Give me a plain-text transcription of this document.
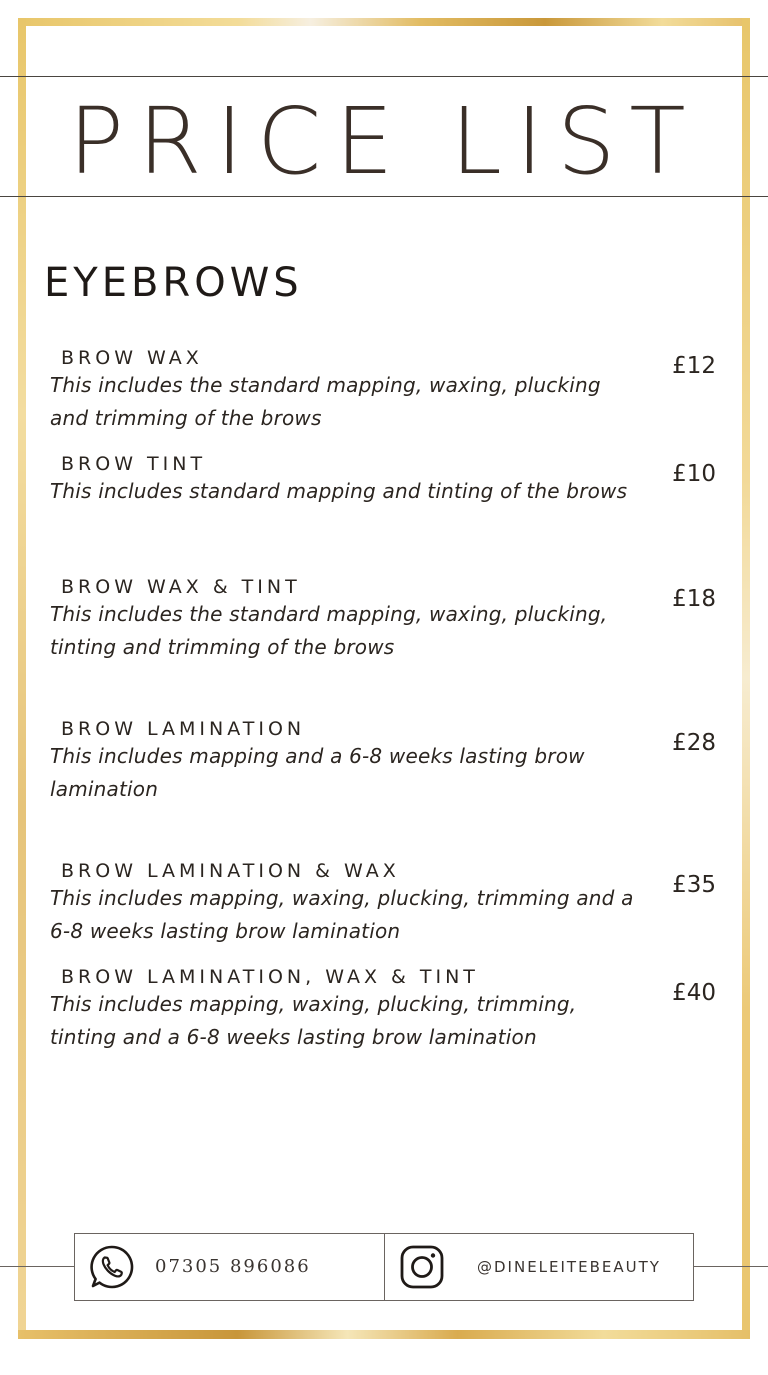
PRICE LIST
EYEBROWS
BROW WAX
This includes the standard mapping, waxing, plucking and trimming of the brows
£12
BROW TINT
This includes standard mapping and tinting of the brows
£10
BROW WAX & TINT
This includes the standard mapping, waxing, plucking, tinting and trimming of the brows
£18
BROW LAMINATION
This includes mapping and a 6-8 weeks lasting brow lamination
£28
BROW LAMINATION & WAX
This includes mapping, waxing, plucking, trimming and a 6-8 weeks lasting brow lamination
£35
BROW LAMINATION, WAX & TINT
This includes mapping, waxing, plucking, trimming, tinting and a 6-8 weeks lasting brow lamination
£40
07305 896086	@DINELEITEBEAUTY
